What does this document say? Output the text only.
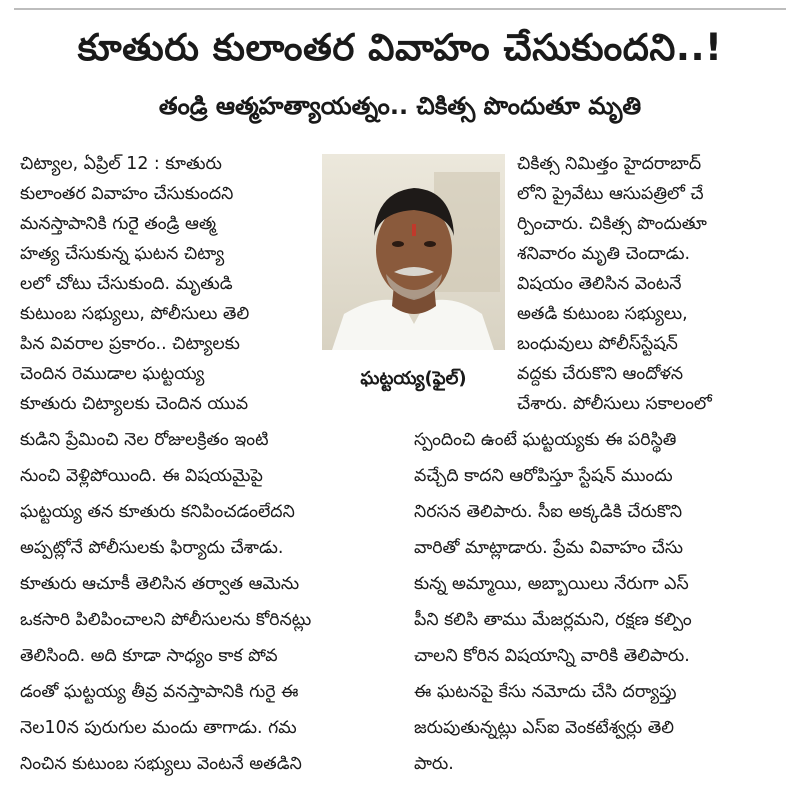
కూతురు కులాంతర వివాహం చేసుకుందని..!
తండ్రి ఆత్మహత్యాయత్నం.. చికిత్స పొందుతూ మృతి
చిట్యాల, ఏప్రిల్ 12 : కూతురు
కులాంతర వివాహం చేసుకుందని
మనస్తాపానికి గురైె తండ్రి ఆత్మ
హత్య చేసుకున్న ఘటన చిట్యా
లలో చోటు చేసుకుంది. మృతుడి
కుటుంబ సభ్యులు, పోలీసులు తెలి
పిన వివరాల ప్రకారం.. చిట్యాలకు
చెందిన రెముడాల ఘట్టయ్య
కూతురు చిట్యాలకు చెందిన యువ
కుడిని ప్రేమించి నెల రోజులక్రితం ఇంటి
నుంచి వెళ్లిపోయింది. ఈ విషయమైపై
ఘట్టయ్య తన కూతురు కనిపించడంలేదని
అప్పట్లోనే పోలీసులకు ఫిర్యాదు చేశాడు.
కూతురు ఆచూకీ తెలిసిన తర్వాత ఆమెను
ఒకసారి పిలిపించాలని పోలీసులను కోరినట్లు
తెలిసింది. అది కూడా సాధ్యం కాక పోవ
డంతో ఘట్టయ్య తీవ్ర వనస్తాపానికి గురై ఈ
నెల10న పురుగుల మందు తాగాడు. గమ
నించిన కుటుంబ సభ్యులు వెంటనే అతడిని
ఘట్టయ్య(ఫైల్)
చికిత్స నిమిత్తం హైదరాబాద్
లోని ప్రైవేటు ఆసుపత్రిలో చే
ర్పించారు. చికిత్స పొందుతూ
శనివారం మృతి చెందాడు.
విషయం తెలిసిన వెంటనే
అతడి కుటుంబ సభ్యులు,
బంధువులు పోలీస్‌స్టేషన్
వద్దకు చేరుకొని ఆందోళన
చేశారు. పోలీసులు సకాలంలో
స్పందించి ఉంటే ఘట్టయ్యకు ఈ పరిస్థితి
వచ్చేది కాదని ఆరోపిస్తూ స్టేషన్ ముందు
నిరసన తెలిపారు. సీఐ అక్కడికి చేరుకొని
వారితో మాట్లాడారు. ప్రేమ వివాహం చేసు
కున్న అమ్మాయి, అబ్బాయిలు నేరుగా ఎస్
పీని కలిసి తాము మేజర్లమని, రక్షణ కల్పిం
చాలని కోరిన విషయాన్ని వారికి తెలిపారు.
ఈ ఘటనపై కేసు నమోదు చేసి దర్యాప్తు
జరుపుతున్నట్లు ఎస్ఐ వెంకటేశ్వర్లు తెలి
పారు.
